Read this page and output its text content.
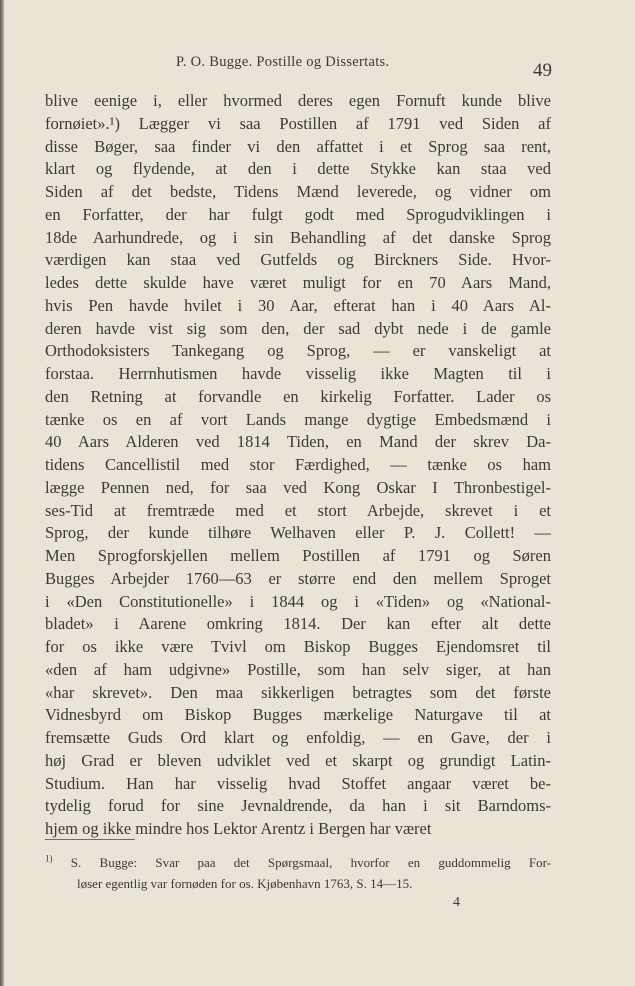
P. O. Bugge. Postille og Dissertats.	49
blive eenige i, eller hvormed deres egen Fornuft kunde blive
fornøiet».¹) Lægger vi saa Postillen af 1791 ved Siden af
disse Bøger, saa finder vi den affattet i et Sprog saa rent,
klart og flydende, at den i dette Stykke kan staa ved
Siden af det bedste, Tidens Mænd leverede, og vidner om
en Forfatter, der har fulgt godt med Sprogudviklingen i
18de Aarhundrede, og i sin Behandling af det danske Sprog
værdigen kan staa ved Gutfelds og Birckners Side. Hvor-
ledes dette skulde have været muligt for en 70 Aars Mand,
hvis Pen havde hvilet i 30 Aar, efterat han i 40 Aars Al-
deren havde vist sig som den, der sad dybt nede i de gamle
Orthodoksisters Tankegang og Sprog, — er vanskeligt at
forstaa. Herrnhutismen havde visselig ikke Magten til i
den Retning at forvandle en kirkelig Forfatter. Lader os
tænke os en af vort Lands mange dygtige Embedsmænd i
40 Aars Alderen ved 1814 Tiden, en Mand der skrev Da-
tidens Cancellistil med stor Færdighed, — tænke os ham
lægge Pennen ned, for saa ved Kong Oskar I Thronbestigel-
ses-Tid at fremtræde med et stort Arbejde, skrevet i et
Sprog, der kunde tilhøre Welhaven eller P. J. Collett! —
Men Sprogforskjellen mellem Postillen af 1791 og Søren
Bugges Arbejder 1760—63 er større end den mellem Sproget
i «Den Constitutionelle» i 1844 og i «Tiden» og «National-
bladet» i Aarene omkring 1814. Der kan efter alt dette
for os ikke være Tvivl om Biskop Bugges Ejendomsret til
«den af ham udgivne» Postille, som han selv siger, at han
«har skrevet». Den maa sikkerligen betragtes som det første
Vidnesbyrd om Biskop Bugges mærkelige Naturgave til at
fremsætte Guds Ord klart og enfoldig, — en Gave, der i
høj Grad er bleven udviklet ved et skarpt og grundigt Latin-
Studium. Han har visselig hvad Stoffet angaar været be-
tydelig forud for sine Jevnaldrende, da han i sit Barndoms-
hjem og ikke mindre hos Lektor Arentz i Bergen har været
$^{1)}$ S. Bugge: Svar paa det Spørgsmaal, hvorfor en guddommelig For-
løser egentlig var fornøden for os. Kjøbenhavn 1763, S. 14—15.
4
